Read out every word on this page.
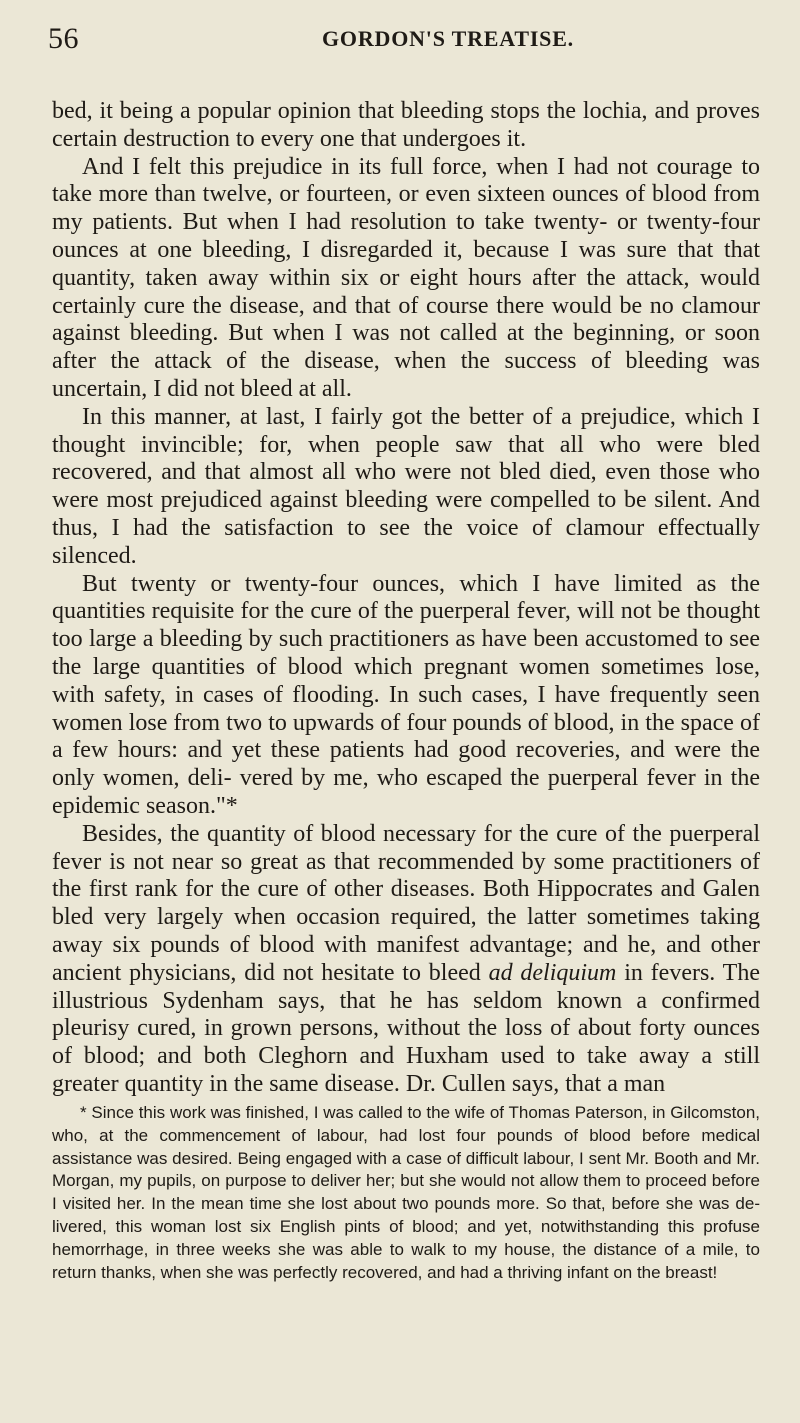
56	GORDON'S TREATISE.

bed, it being a popular opinion that bleeding stops the lochia, and proves certain destruction to every one that undergoes it.

And I felt this prejudice in its full force, when I had not courage to take more than twelve, or fourteen, or even sixteen ounces of blood from my patients. But when I had resolution to take twenty- or twenty-four ounces at one bleeding, I disregarded it, because I was sure that that quantity, taken away within six or eight hours after the attack, would certainly cure the disease, and that of course there would be no clamour against bleeding. But when I was not called at the beginning, or soon after the attack of the disease, when the success of bleeding was uncertain, I did not bleed at all.

In this manner, at last, I fairly got the better of a prejudice, which I thought invincible; for, when people saw that all who were bled recovered, and that almost all who were not bled died, even those who were most prejudiced against bleeding were compelled to be silent. And thus, I had the satisfaction to see the voice of clamour effectually silenced.

But twenty or twenty-four ounces, which I have limited as the quantities requisite for the cure of the puerperal fever, will not be thought too large a bleeding by such practitioners as have been accustomed to see the large quantities of blood which pregnant women sometimes lose, with safety, in cases of flooding. In such cases, I have frequently seen women lose from two to upwards of four pounds of blood, in the space of a few hours: and yet these patients had good recoveries, and were the only women, deli- vered by me, who escaped the puerperal fever in the epidemic season."*

Besides, the quantity of blood necessary for the cure of the puerperal fever is not near so great as that recommended by some practitioners of the first rank for the cure of other diseases. Both Hippocrates and Galen bled very largely when occasion required, the latter sometimes taking away six pounds of blood with manifest advantage; and he, and other ancient physicians, did not hesitate to bleed ad deliquium in fevers. The illustrious Sydenham says, that he has seldom known a confirmed pleurisy cured, in grown persons, without the loss of about forty ounces of blood; and both Cleghorn and Huxham used to take away a still greater quantity in the same disease. Dr. Cullen says, that a man

* Since this work was finished, I was called to the wife of Thomas Paterson, in Gilcomston, who, at the commencement of labour, had lost four pounds of blood before medical assistance was desired. Being engaged with a case of difficult labour, I sent Mr. Booth and Mr. Morgan, my pupils, on purpose to deliver her; but she would not allow them to proceed before I visited her. In the mean time she lost about two pounds more. So that, before she was de- livered, this woman lost six English pints of blood; and yet, notwithstanding this profuse hemorrhage, in three weeks she was able to walk to my house, the distance of a mile, to return thanks, when she was perfectly recovered, and had a thriving infant on the breast!
